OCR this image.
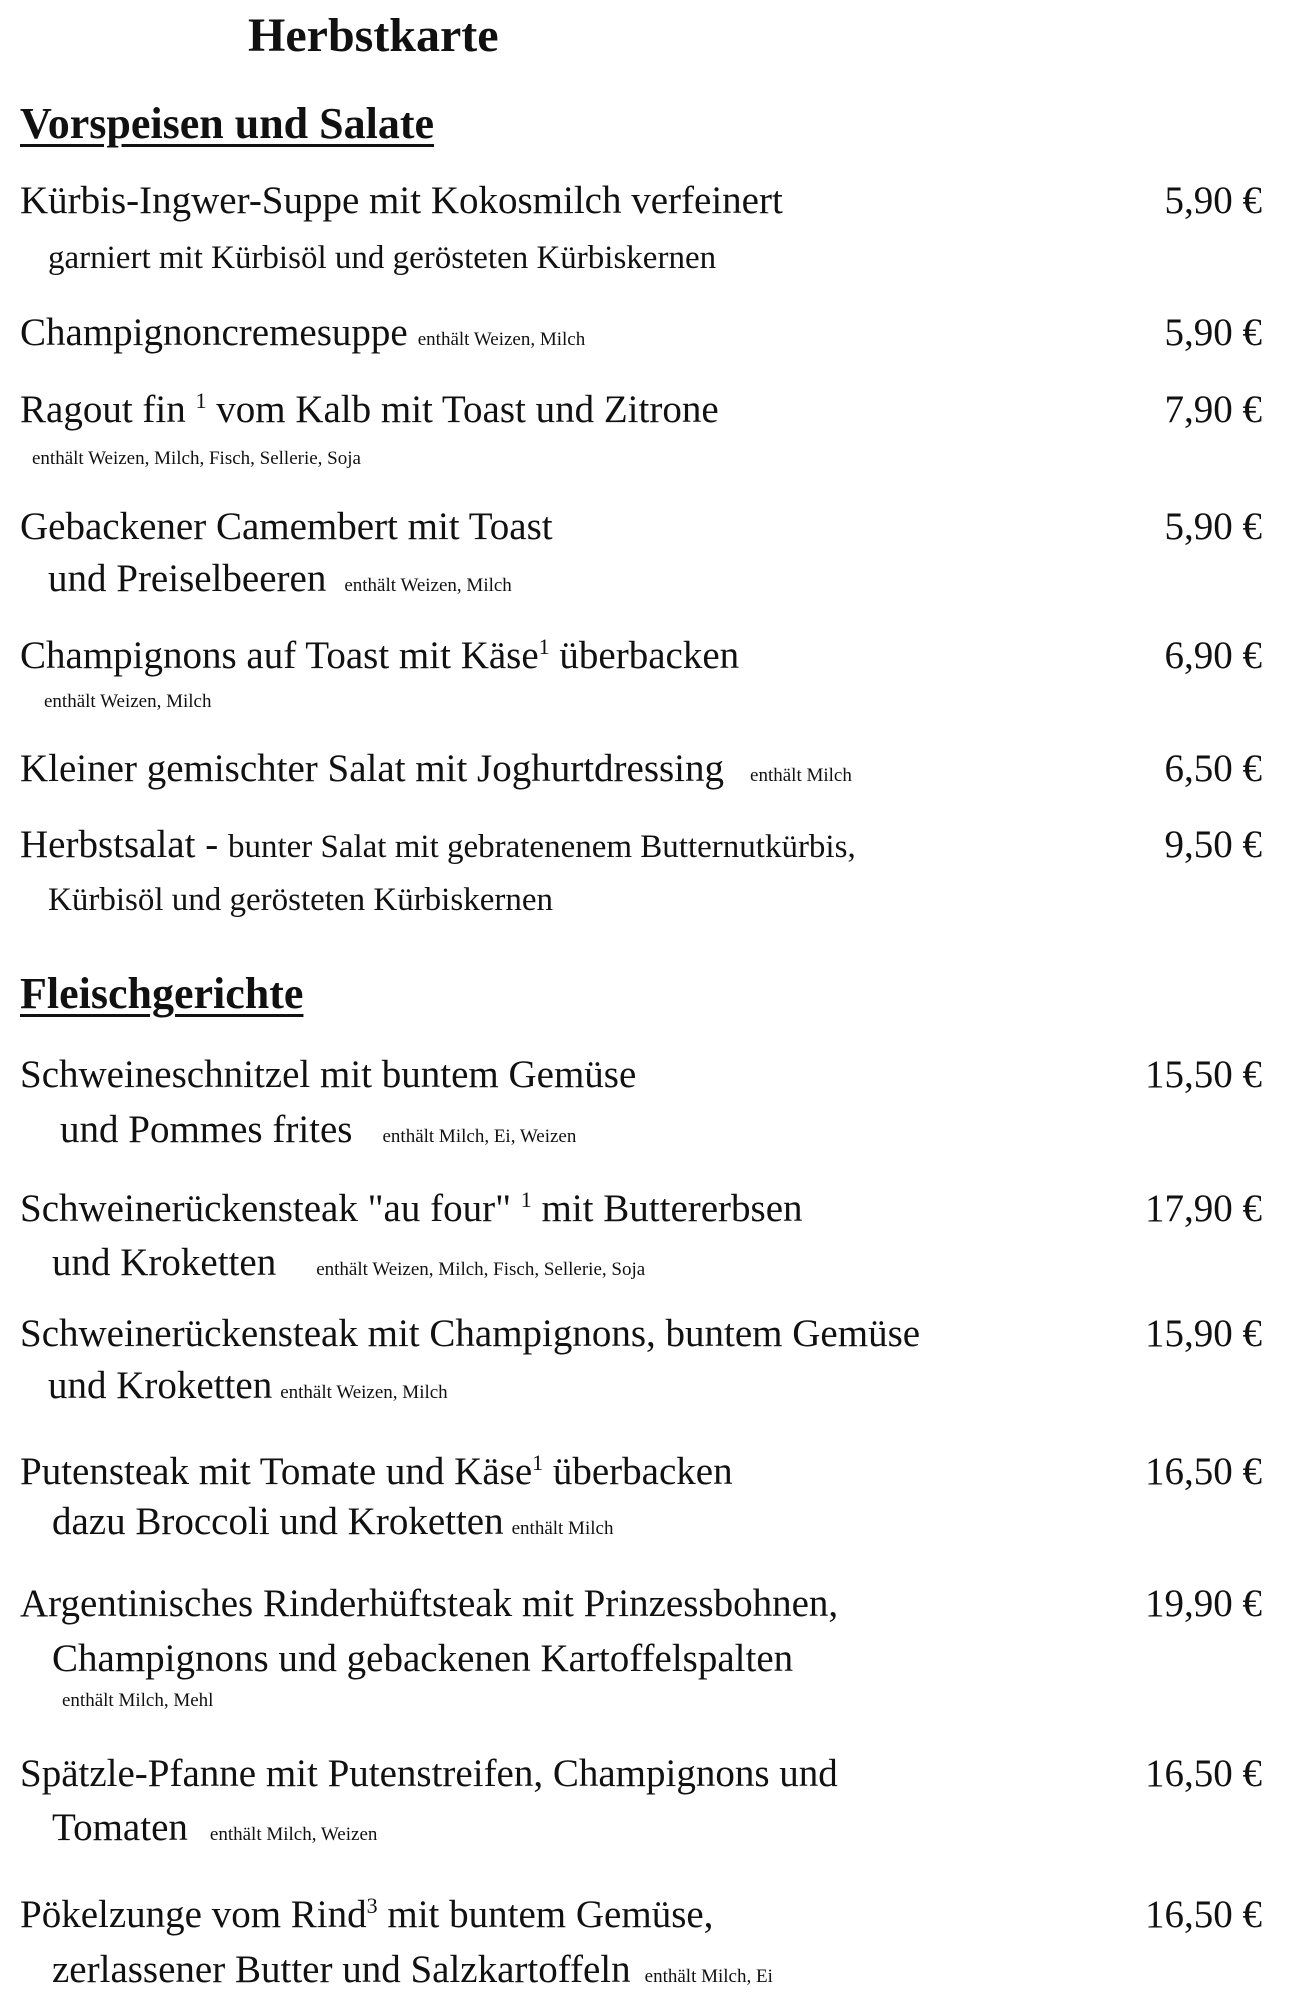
Herbstkarte
Vorspeisen und Salate
Kürbis-Ingwer-Suppe mit Kokosmilch verfeinert	5,90 €
garniert mit Kürbisöl und gerösteten Kürbiskernen
Champignoncremesuppe enthält Weizen, Milch	5,90 €
Ragout fin $^1$ vom Kalb mit Toast und Zitrone	7,90 €
enthält Weizen, Milch, Fisch, Sellerie, Soja
Gebackener Camembert mit Toast	5,90 €
und Preiselbeeren enthält Weizen, Milch
Champignons auf Toast mit Käse$^1$ überbacken	6,90 €
enthält Weizen, Milch
Kleiner gemischter Salat mit Joghurtdressing enthält Milch	6,50 €
Herbstsalat - bunter Salat mit gebratenenem Butternutkürbis,	9,50 €
Kürbisöl und gerösteten Kürbiskernen
Fleischgerichte
Schweineschnitzel mit buntem Gemüse	15,50 €
und Pommes frites enthält Milch, Ei, Weizen
Schweinerückensteak "au four" $^1$ mit Buttererbsen	17,90 €
und Kroketten enthält Weizen, Milch, Fisch, Sellerie, Soja
Schweinerückensteak mit Champignons, buntem Gemüse	15,90 €
und Kroketten enthält Weizen, Milch
Putensteak mit Tomate und Käse$^1$ überbacken	16,50 €
dazu Broccoli und Kroketten enthält Milch
Argentinisches Rinderhüftsteak mit Prinzessbohnen,	19,90 €
Champignons und gebackenen Kartoffelspalten
enthält Milch, Mehl
Spätzle-Pfanne mit Putenstreifen, Champignons und	16,50 €
Tomaten enthält Milch, Weizen
Pökelzunge vom Rind$^3$ mit buntem Gemüse,	16,50 €
zerlassener Butter und Salzkartoffeln enthält Milch, Ei
